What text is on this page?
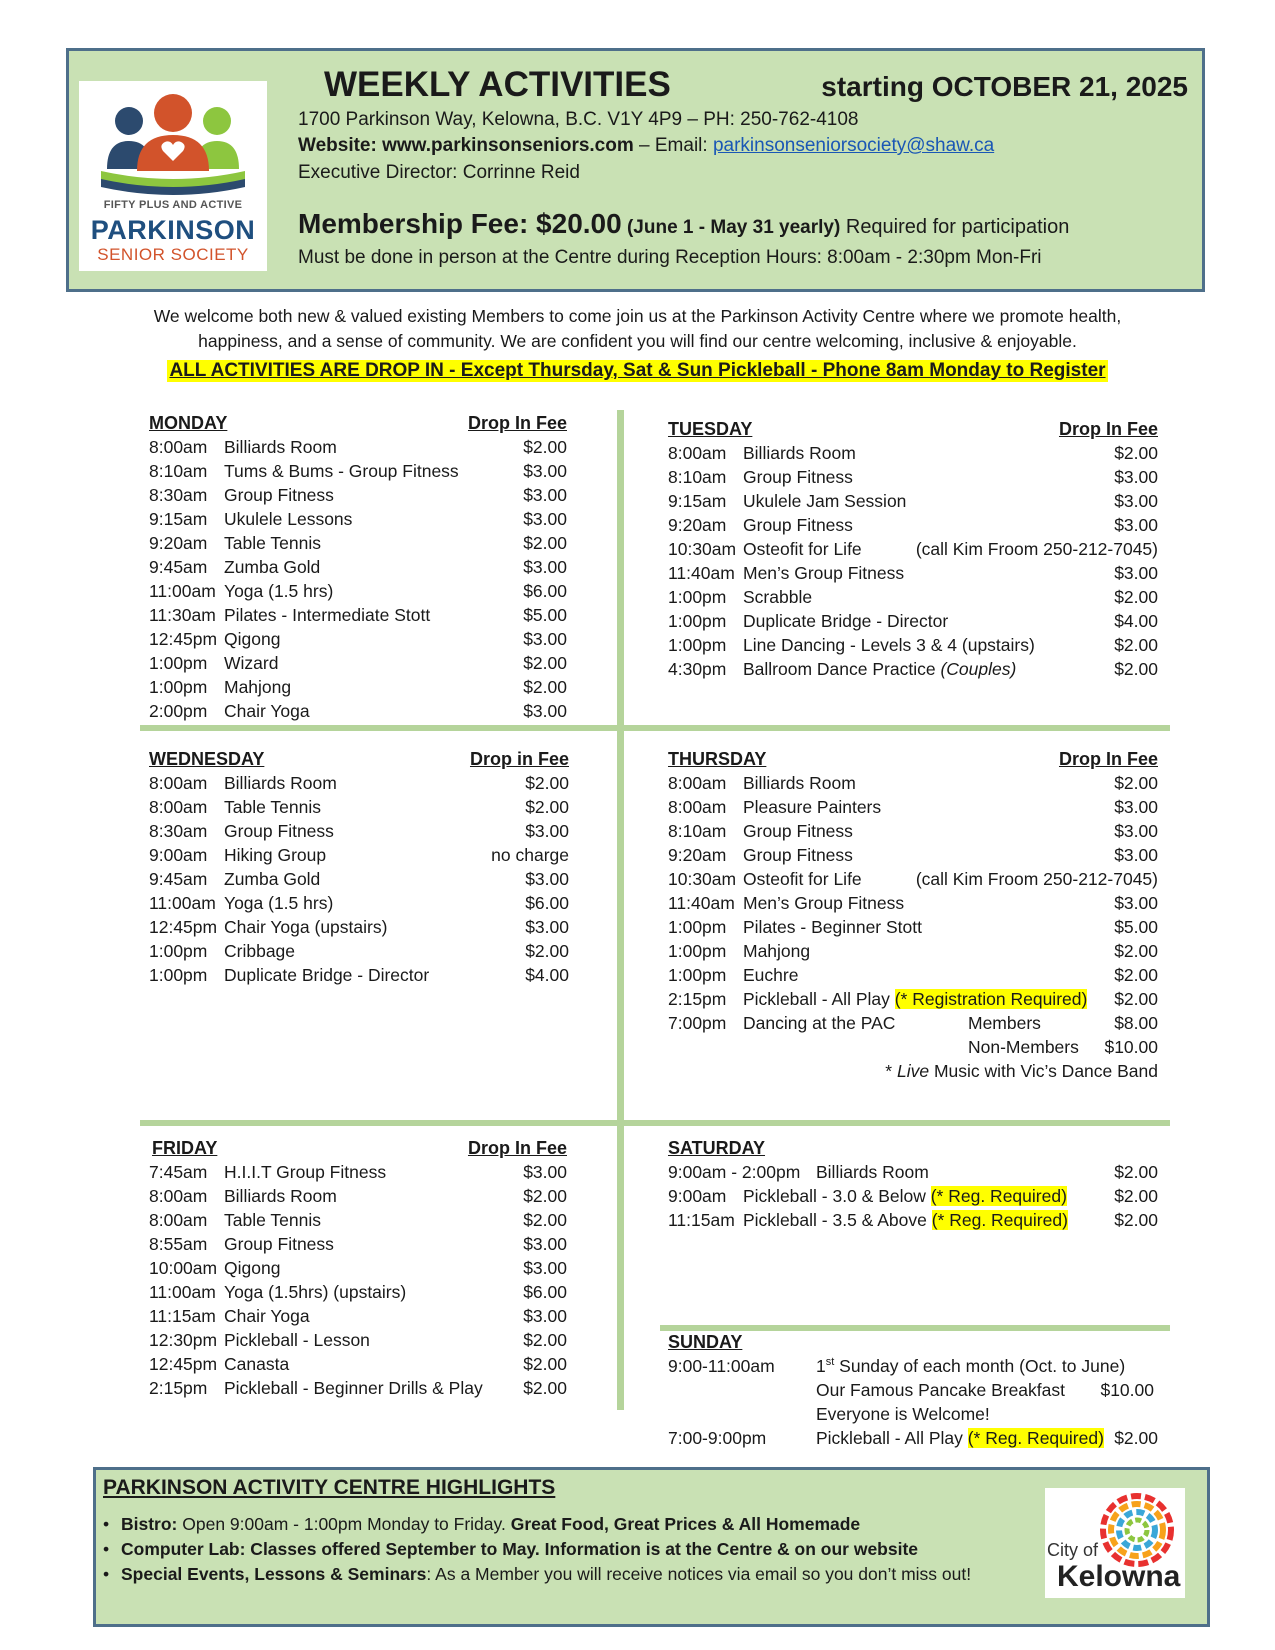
FIFTY PLUS AND ACTIVE
PARKINSON
SENIOR SOCIETY
WEEKLY ACTIVITIES	starting OCTOBER 21, 2025
1700 Parkinson Way, Kelowna, B.C. V1Y 4P9 – PH: 250-762-4108
Website: www.parkinsonseniors.com – Email: parkinsonseniorsociety@shaw.ca
Executive Director: Corrinne Reid
Membership Fee: $20.00 (June 1 - May 31 yearly) Required for participation
Must be done in person at the Centre during Reception Hours: 8:00am - 2:30pm Mon-Fri
We welcome both new & valued existing Members to come join us at the Parkinson Activity Centre where we promote health,
happiness, and a sense of community. We are confident you will find our centre welcoming, inclusive & enjoyable.
ALL ACTIVITIES ARE DROP IN - Except Thursday, Sat & Sun Pickleball - Phone 8am Monday to Register
MONDAY	Drop In Fee
8:00am Billiards Room	$2.00
8:10am Tums & Bums - Group Fitness	$3.00
8:30am Group Fitness	$3.00
9:15am Ukulele Lessons	$3.00
9:20am Table Tennis	$2.00
9:45am Zumba Gold	$3.00
11:00am Yoga (1.5 hrs)	$6.00
11:30am Pilates - Intermediate Stott	$5.00
12:45pm Qigong	$3.00
1:00pm Wizard	$2.00
1:00pm Mahjong	$2.00
2:00pm Chair Yoga	$3.00
TUESDAY	Drop In Fee
8:00am Billiards Room	$2.00
8:10am Group Fitness	$3.00
9:15am Ukulele Jam Session	$3.00
9:20am Group Fitness	$3.00
10:30am Osteofit for Life	(call Kim Froom 250-212-7045)
11:40am Men’s Group Fitness	$3.00
1:00pm Scrabble	$2.00
1:00pm Duplicate Bridge - Director	$4.00
1:00pm Line Dancing - Levels 3 & 4 (upstairs)	$2.00
4:30pm Ballroom Dance Practice (Couples)	$2.00
WEDNESDAY	Drop in Fee
8:00am Billiards Room	$2.00
8:00am Table Tennis	$2.00
8:30am Group Fitness	$3.00
9:00am Hiking Group	no charge
9:45am Zumba Gold	$3.00
11:00am Yoga (1.5 hrs)	$6.00
12:45pm Chair Yoga (upstairs)	$3.00
1:00pm Cribbage	$2.00
1:00pm Duplicate Bridge - Director	$4.00
THURSDAY	Drop In Fee
8:00am Billiards Room	$2.00
8:00am Pleasure Painters	$3.00
8:10am Group Fitness	$3.00
9:20am Group Fitness	$3.00
10:30am Osteofit for Life	(call Kim Froom 250-212-7045)
11:40am Men’s Group Fitness	$3.00
1:00pm Pilates - Beginner Stott	$5.00
1:00pm Mahjong	$2.00
1:00pm Euchre	$2.00
2:15pm Pickleball - All Play (* Registration Required) $2.00
7:00pm Dancing at the PAC	Members	$8.00
Non-Members $10.00
* Live Music with Vic’s Dance Band
FRIDAY	Drop In Fee
7:45am H.I.I.T Group Fitness	$3.00
8:00am Billiards Room	$2.00
8:00am Table Tennis	$2.00
8:55am Group Fitness	$3.00
10:00am Qigong	$3.00
11:00am Yoga (1.5hrs) (upstairs)	$6.00
11:15am Chair Yoga	$3.00
12:30pm Pickleball - Lesson	$2.00
12:45pm Canasta	$2.00
2:15pm Pickleball - Beginner Drills & Play $2.00
SATURDAY
9:00am - 2:00pm Billiards Room	$2.00
9:00am Pickleball - 3.0 & Below (* Reg. Required)	$2.00
11:15am Pickleball - 3.5 & Above (* Reg. Required)	$2.00
SUNDAY
9:00-11:00am 1st Sunday of each month (Oct. to June)
Our Famous Pancake Breakfast $10.00
Everyone is Welcome!
7:00-9:00pm	Pickleball - All Play (* Reg. Required) $2.00
PARKINSON ACTIVITY CENTRE HIGHLIGHTS
• Bistro: Open 9:00am - 1:00pm Monday to Friday. Great Food, Great Prices & All Homemade
• Computer Lab: Classes offered September to May. Information is at the Centre & on our website
• Special Events, Lessons & Seminars: As a Member you will receive notices via email so you don’t miss out!
City of
Kelowna
